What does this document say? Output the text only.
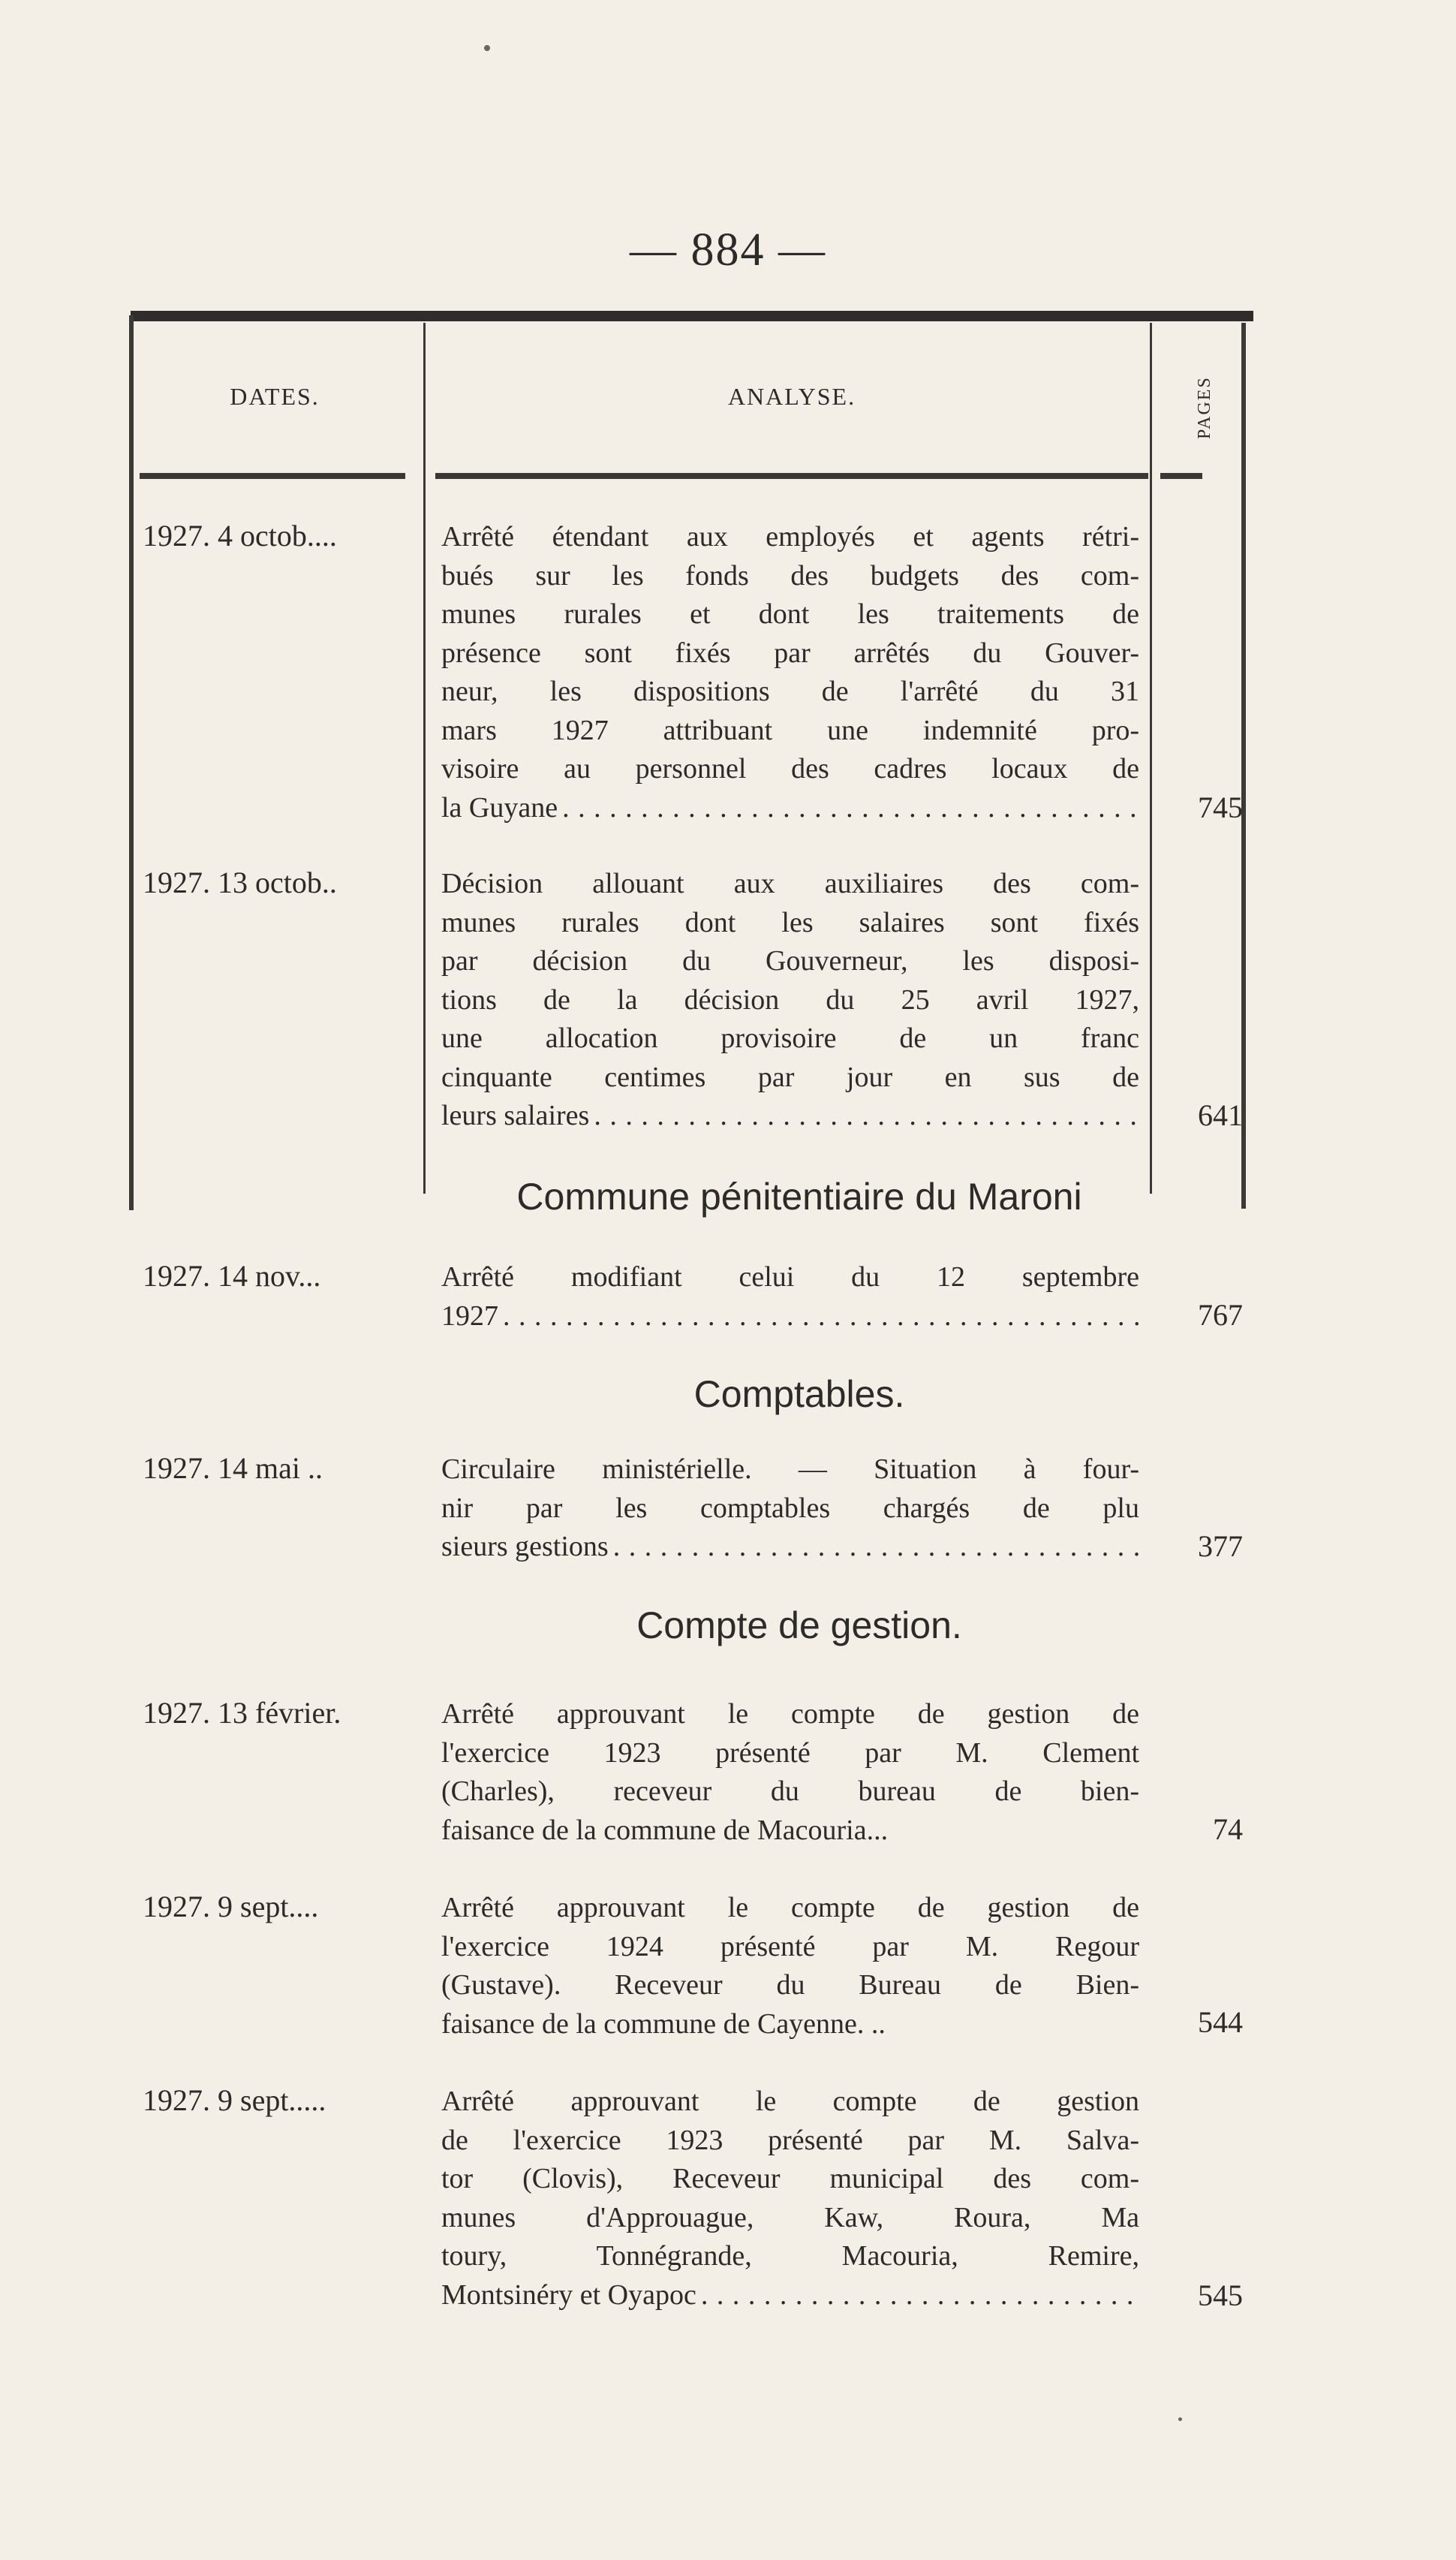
— 884 —
DATES.	ANALYSE.	PAGES
1927. 4 octob....	Arrêté étendant aux employés et agents rétri-
bués sur les fonds des budgets des com-
munes rurales et dont les traitements de
présence sont fixés par arrêtés du Gouver-
neur, les dispositions de l'arrêté du 31
mars 1927 attribuant une indemnité pro-
visoire au personnel des cadres locaux de
la Guyane . . .	745
1927. 13 octob..	Décision allouant aux auxiliaires des com-
munes rurales dont les salaires sont fixés
par décision du Gouverneur, les disposi-
tions de la décision du 25 avril 1927,
une allocation provisoire de un franc
cinquante centimes par jour en sus de
leurs salaires . . .	641
Commune pénitentiaire du Maroni
1927. 14 nov...	Arrêté modifiant celui du 12 septembre
1927 . . .	767
Comptables.
1927. 14 mai ..	Circulaire ministérielle. — Situation à four-
nir par les comptables chargés de plu
sieurs gestions . . .	377
Compte de gestion.
1927. 13 février.	Arrêté approuvant le compte de gestion de
l'exercice 1923 présenté par M. Clement
(Charles), receveur du bureau de bien-
faisance de la commune de Macouria...	74
1927. 9 sept....	Arrêté approuvant le compte de gestion de
l'exercice 1924 présenté par M. Regour
(Gustave). Receveur du Bureau de Bien-
faisance de la commune de Cayenne. ..	544
1927. 9 sept.....	Arrêté approuvant le compte de gestion
de l'exercice 1923 présenté par M. Salva-
tor (Clovis), Receveur municipal des com-
munes d'Approuague, Kaw, Roura, Ma
toury, Tonnégrande, Macouria, Remire,
Montsinéry et Oyapoc . . .	545
